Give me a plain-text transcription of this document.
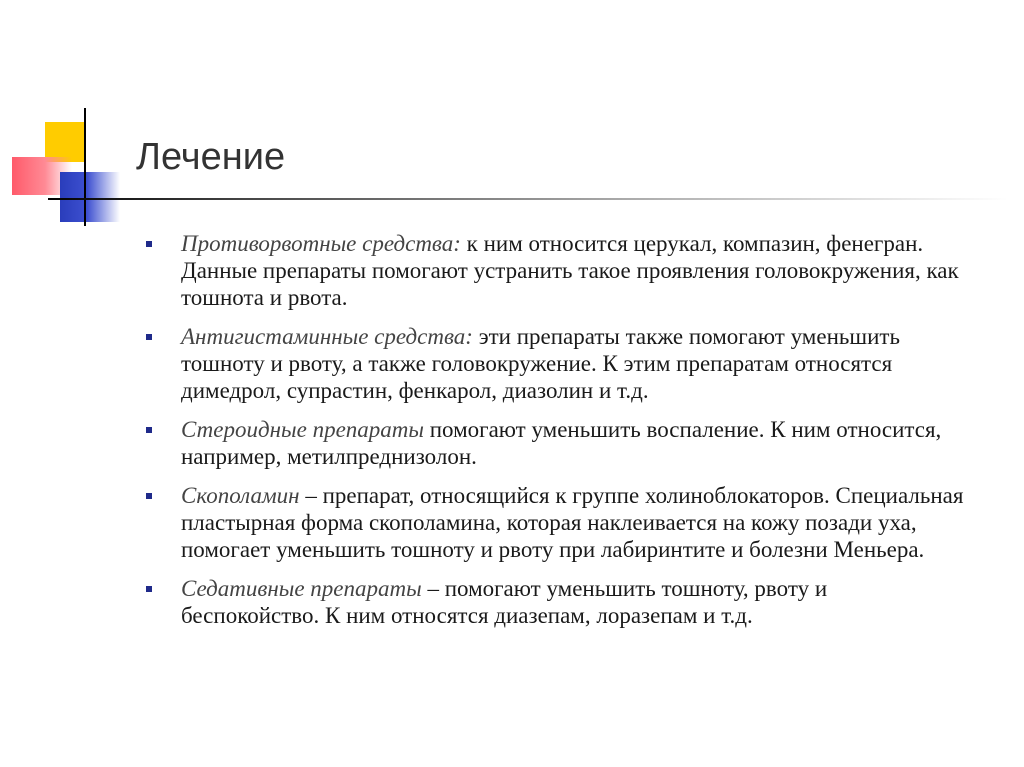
Лечение
Противорвотные средства: к ним относится церукал, компазин, фенегран. Данные препараты помогают устранить такое проявления головокружения, как тошнота и рвота.
Антигистаминные средства: эти препараты также помогают уменьшить тошноту и рвоту, а также головокружение. К этим препаратам относятся димедрол, супрастин, фенкарол, диазолин и т.д.
Стероидные препараты помогают уменьшить воспаление. К ним относится, например, метилпреднизолон.
Скополамин – препарат, относящийся к группе холиноблокаторов. Специальная пластырная форма скополамина, которая наклеивается на кожу позади уха, помогает уменьшить тошноту и рвоту при лабиринтите и болезни Меньера.
Седативные препараты – помогают уменьшить тошноту, рвоту и беспокойство. К ним относятся диазепам, лоразепам и т.д.
